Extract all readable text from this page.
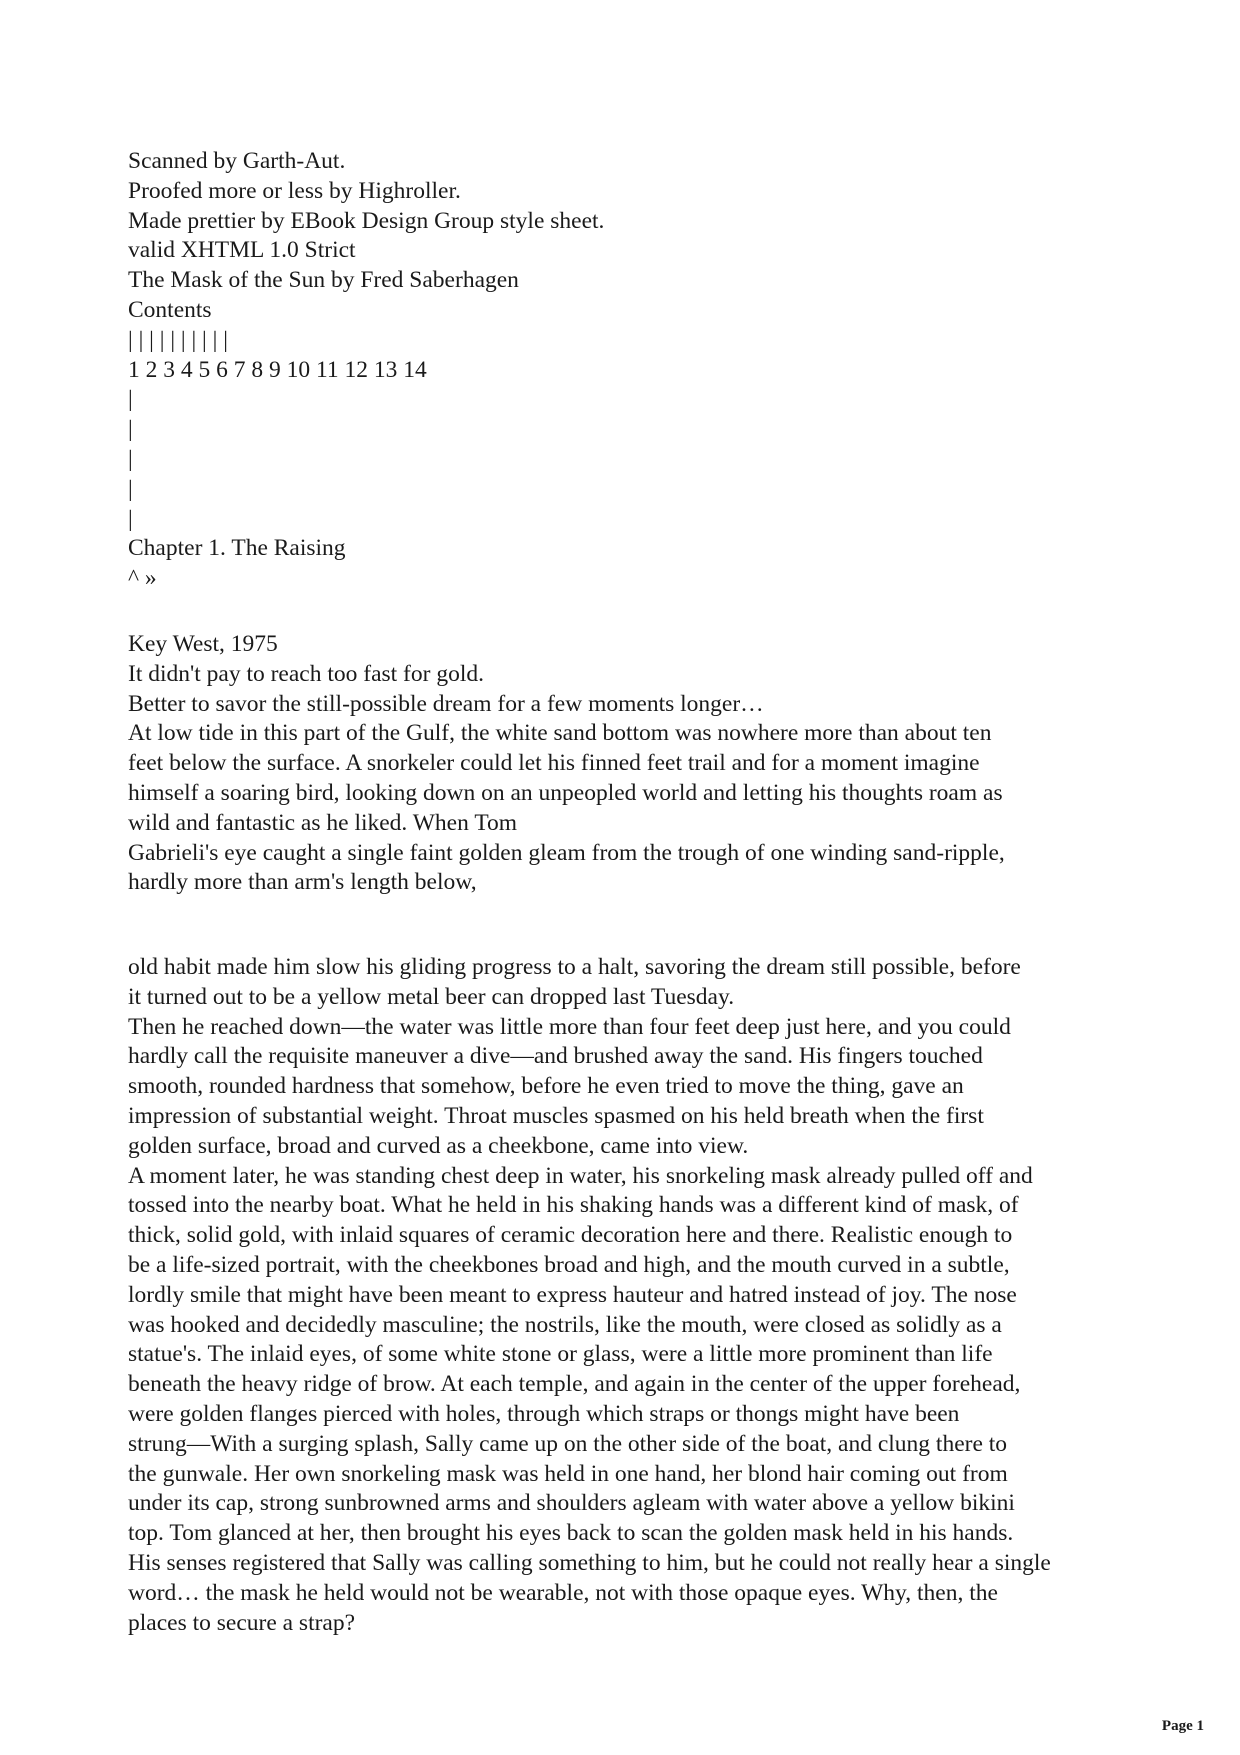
Scanned by Garth-Aut.
Proofed more or less by Highroller.
Made prettier by EBook Design Group style sheet.
valid XHTML 1.0 Strict
The Mask of the Sun by Fred Saberhagen
Contents
| | | | | | | | | |
1 2 3 4 5 6 7 8 9 10 11 12 13 14
|
|
|
|
|
Chapter 1. The Raising
^ »
Key West, 1975
It didn't pay to reach too fast for gold.
Better to savor the still-possible dream for a few moments longer…
At low tide in this part of the Gulf, the white sand bottom was nowhere more than about ten
feet below the surface. A snorkeler could let his finned feet trail and for a moment imagine
himself a soaring bird, looking down on an unpeopled world and letting his thoughts roam as
wild and fantastic as he liked. When Tom
Gabrieli's eye caught a single faint golden gleam from the trough of one winding sand-ripple,
hardly more than arm's length below,
old habit made him slow his gliding progress to a halt, savoring the dream still possible, before
it turned out to be a yellow metal beer can dropped last Tuesday.
Then he reached down—the water was little more than four feet deep just here, and you could
hardly call the requisite maneuver a dive—and brushed away the sand. His fingers touched
smooth, rounded hardness that somehow, before he even tried to move the thing, gave an
impression of substantial weight. Throat muscles spasmed on his held breath when the first
golden surface, broad and curved as a cheekbone, came into view.
A moment later, he was standing chest deep in water, his snorkeling mask already pulled off and
tossed into the nearby boat. What he held in his shaking hands was a different kind of mask, of
thick, solid gold, with inlaid squares of ceramic decoration here and there. Realistic enough to
be a life-sized portrait, with the cheekbones broad and high, and the mouth curved in a subtle,
lordly smile that might have been meant to express hauteur and hatred instead of joy. The nose
was hooked and decidedly masculine; the nostrils, like the mouth, were closed as solidly as a
statue's. The inlaid eyes, of some white stone or glass, were a little more prominent than life
beneath the heavy ridge of brow. At each temple, and again in the center of the upper forehead,
were golden flanges pierced with holes, through which straps or thongs might have been
strung—With a surging splash, Sally came up on the other side of the boat, and clung there to
the gunwale. Her own snorkeling mask was held in one hand, her blond hair coming out from
under its cap, strong sunbrowned arms and shoulders agleam with water above a yellow bikini
top. Tom glanced at her, then brought his eyes back to scan the golden mask held in his hands.
His senses registered that Sally was calling something to him, but he could not really hear a single
word… the mask he held would not be wearable, not with those opaque eyes. Why, then, the
places to secure a strap?
Page 1
